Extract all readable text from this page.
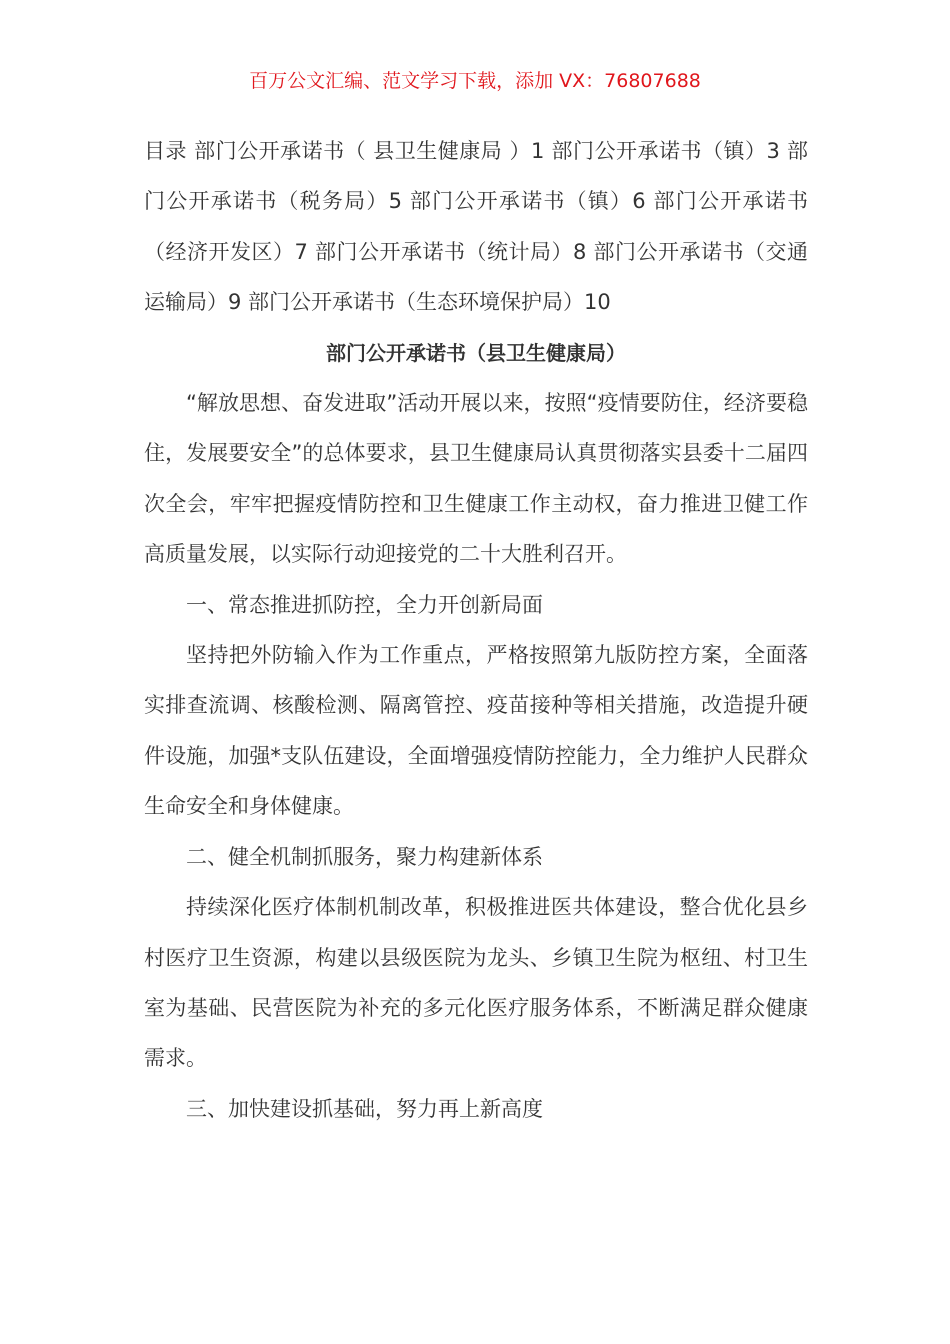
百万公文汇编、范文学习下载，添加 VX：76807688

目录 部门公开承诺书（ 县卫生健康局 ）1 部门公开承诺书（镇）3 部门公开承诺书（税务局）5 部门公开承诺书（镇）6 部门公开承诺书（经济开发区）7 部门公开承诺书（统计局）8 部门公开承诺书（交通运输局）9 部门公开承诺书（生态环境保护局）10

部门公开承诺书（县卫生健康局）

“解放思想、奋发进取”活动开展以来，按照“疫情要防住，经济要稳住，发展要安全”的总体要求，县卫生健康局认真贯彻落实县委十二届四次全会，牢牢把握疫情防控和卫生健康工作主动权，奋力推进卫健工作高质量发展，以实际行动迎接党的二十大胜利召开。

一、常态推进抓防控，全力开创新局面

坚持把外防输入作为工作重点，严格按照第九版防控方案，全面落实排查流调、核酸检测、隔离管控、疫苗接种等相关措施，改造提升硬件设施，加强*支队伍建设，全面增强疫情防控能力，全力维护人民群众生命安全和身体健康。

二、健全机制抓服务，聚力构建新体系

持续深化医疗体制机制改革，积极推进医共体建设，整合优化县乡村医疗卫生资源，构建以县级医院为龙头、乡镇卫生院为枢纽、村卫生室为基础、民营医院为补充的多元化医疗服务体系，不断满足群众健康需求。

三、加快建设抓基础，努力再上新高度
